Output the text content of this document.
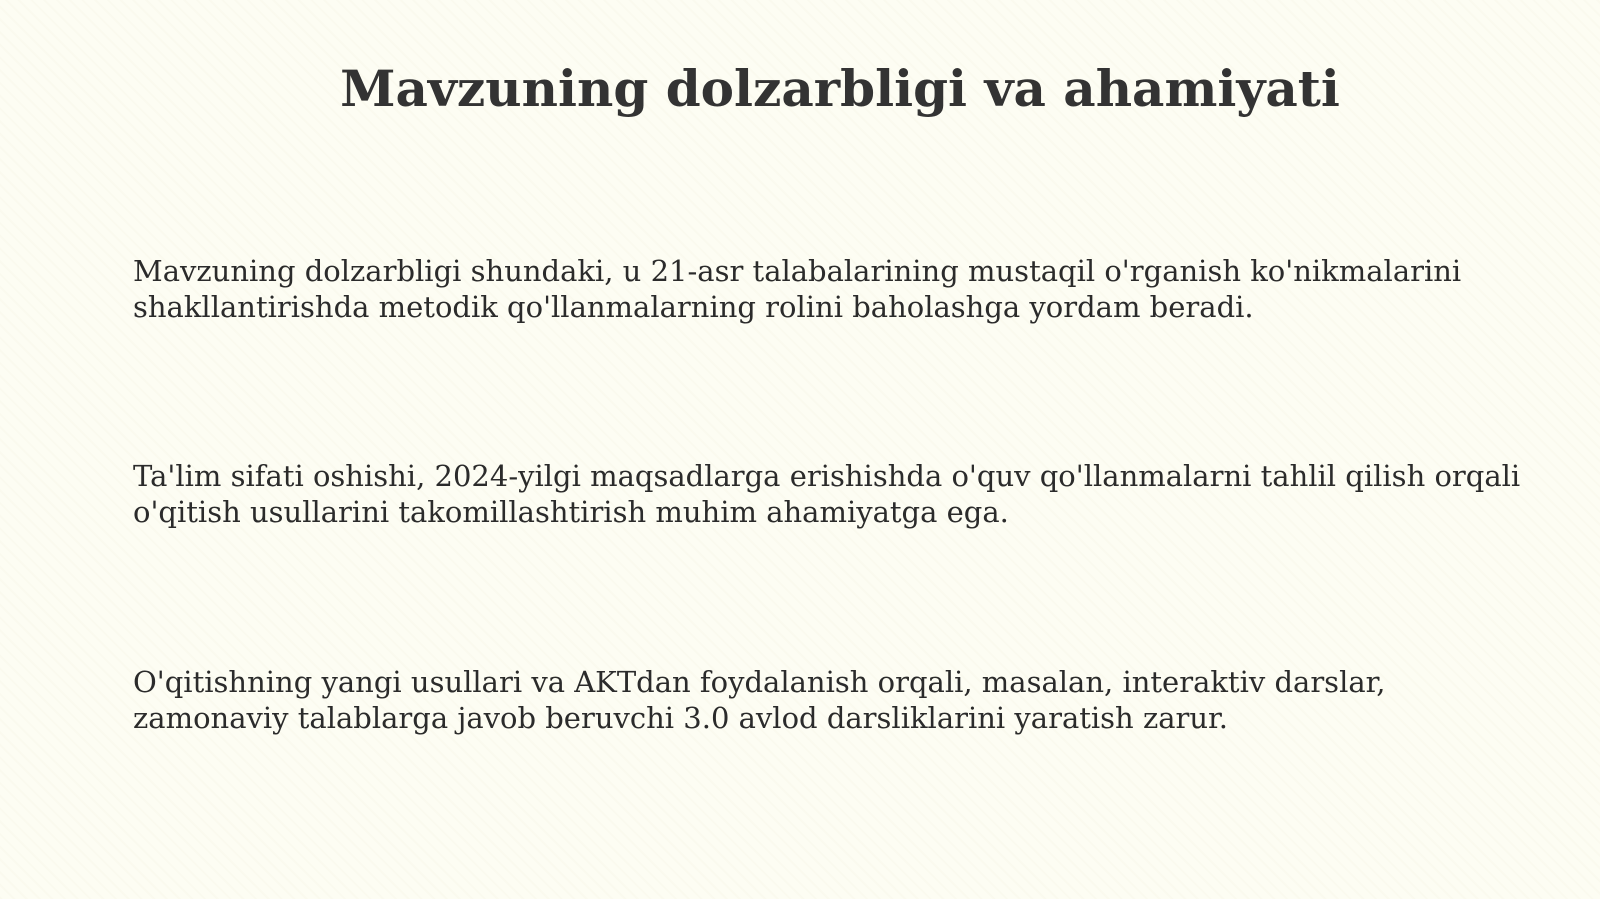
Mavzuning dolzarbligi va ahamiyati

Mavzuning dolzarbligi shundaki, u 21-asr talabalarining mustaqil o'rganish ko'nikmalarini shakllantirishda metodik qo'llanmalarning rolini baholashga yordam beradi.

Ta'lim sifati oshishi, 2024-yilgi maqsadlarga erishishda o'quv qo'llanmalarni tahlil qilish orqali o'qitish usullarini takomillashtirish muhim ahamiyatga ega.

O'qitishning yangi usullari va AKTdan foydalanish orqali, masalan, interaktiv darslar, zamonaviy talablarga javob beruvchi 3.0 avlod darsliklarini yaratish zarur.
